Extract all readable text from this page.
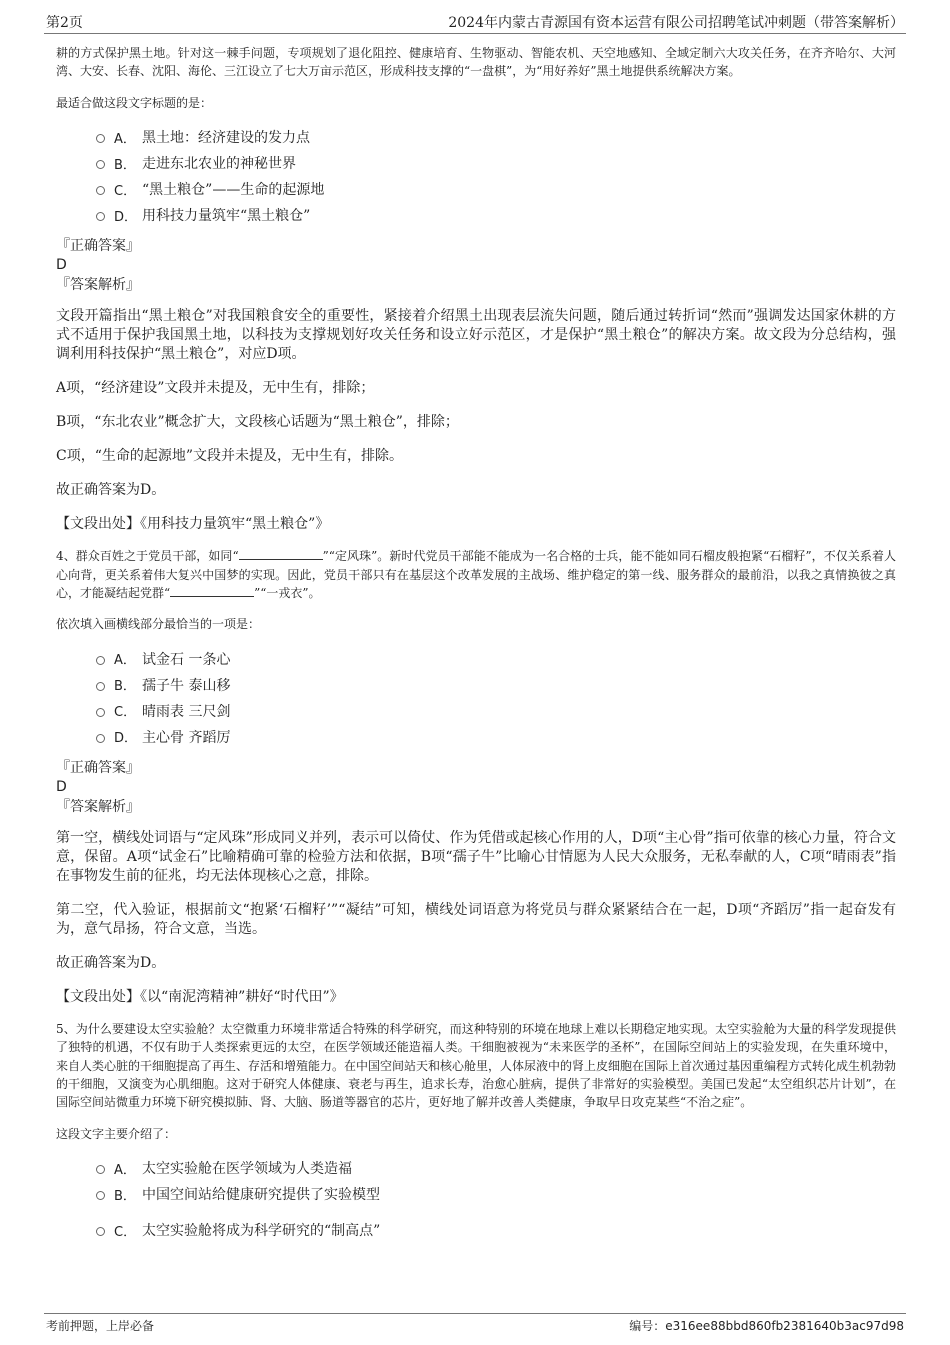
第2页	2024年内蒙古青源国有资本运营有限公司招聘笔试冲刺题（带答案解析）

耕的方式保护黑土地。针对这一棘手问题，专项规划了退化阻控、健康培育、生物驱动、智能农机、天空地感知、全域定制六大攻关任务，在齐齐哈尔、大河湾、大安、长春、沈阳、海伦、三江设立了七大万亩示范区，形成科技支撑的“一盘棋”，为“用好养好”黑土地提供系统解决方案。

最适合做这段文字标题的是：

A． 黑土地：经济建设的发力点
B． 走进东北农业的神秘世界
C． “黑土粮仓”——生命的起源地
D． 用科技力量筑牢“黑土粮仓”

『正确答案』

D

『答案解析』

文段开篇指出“黑土粮仓”对我国粮食安全的重要性，紧接着介绍黑土出现表层流失问题，随后通过转折词“然而”强调发达国家休耕的方式不适用于保护我国黑土地，以科技为支撑规划好攻关任务和设立好示范区，才是保护“黑土粮仓”的解决方案。故文段为分总结构，强调利用科技保护“黑土粮仓”，对应D项。

A项，“经济建设”文段并未提及，无中生有，排除；

B项，“东北农业”概念扩大，文段核心话题为“黑土粮仓”，排除；

C项，“生命的起源地”文段并未提及，无中生有，排除。

故正确答案为D。

【文段出处】《用科技力量筑牢“黑土粮仓”》

4、群众百姓之于党员干部，如同“	”“定风珠”。新时代党员干部能不能成为一名合格的士兵，能不能如同石榴皮般抱紧“石榴籽”，不仅关系着人心向背，更关系着伟大复兴中国梦的实现。因此，党员干部只有在基层这个改革发展的主战场、维护稳定的第一线、服务群众的最前沿，以我之真情换彼之真心，才能凝结起党群“	”“一戎衣”。

依次填入画横线部分最恰当的一项是：

A． 试金石 一条心
B． 孺子牛 泰山移
C． 晴雨表 三尺剑
D． 主心骨 齐蹈厉

『正确答案』

D

『答案解析』

第一空，横线处词语与“定风珠”形成同义并列，表示可以倚仗、作为凭借或起核心作用的人，D项“主心骨”指可依靠的核心力量，符合文意，保留。A项“试金石”比喻精确可靠的检验方法和依据，B项“孺子牛”比喻心甘情愿为人民大众服务，无私奉献的人，C项“晴雨表”指在事物发生前的征兆，均无法体现核心之意，排除。

第二空，代入验证，根据前文“抱紧‘石榴籽’”“凝结”可知，横线处词语意为将党员与群众紧紧结合在一起，D项“齐蹈厉”指一起奋发有为，意气昂扬，符合文意，当选。

故正确答案为D。

【文段出处】《以“南泥湾精神”耕好“时代田”》

5、为什么要建设太空实验舱？太空微重力环境非常适合特殊的科学研究，而这种特别的环境在地球上难以长期稳定地实现。太空实验舱为大量的科学发现提供了独特的机遇，不仅有助于人类探索更远的太空，在医学领域还能造福人类。干细胞被视为“未来医学的圣杯”，在国际空间站上的实验发现，在失重环境中，来自人类心脏的干细胞提高了再生、存活和增殖能力。在中国空间站天和核心舱里，人体尿液中的肾上皮细胞在国际上首次通过基因重编程方式转化成生机勃勃的干细胞，又演变为心肌细胞。这对于研究人体健康、衰老与再生，追求长寿，治愈心脏病，提供了非常好的实验模型。美国已发起“太空组织芯片计划”，在国际空间站微重力环境下研究模拟肺、肾、大脑、肠道等器官的芯片，更好地了解并改善人类健康，争取早日攻克某些“不治之症”。

这段文字主要介绍了：

A． 太空实验舱在医学领域为人类造福
B． 中国空间站给健康研究提供了实验模型
C． 太空实验舱将成为科学研究的“制高点”
考前押题，上岸必备	编号：e316ee88bbd860fb2381640b3ac97d98
